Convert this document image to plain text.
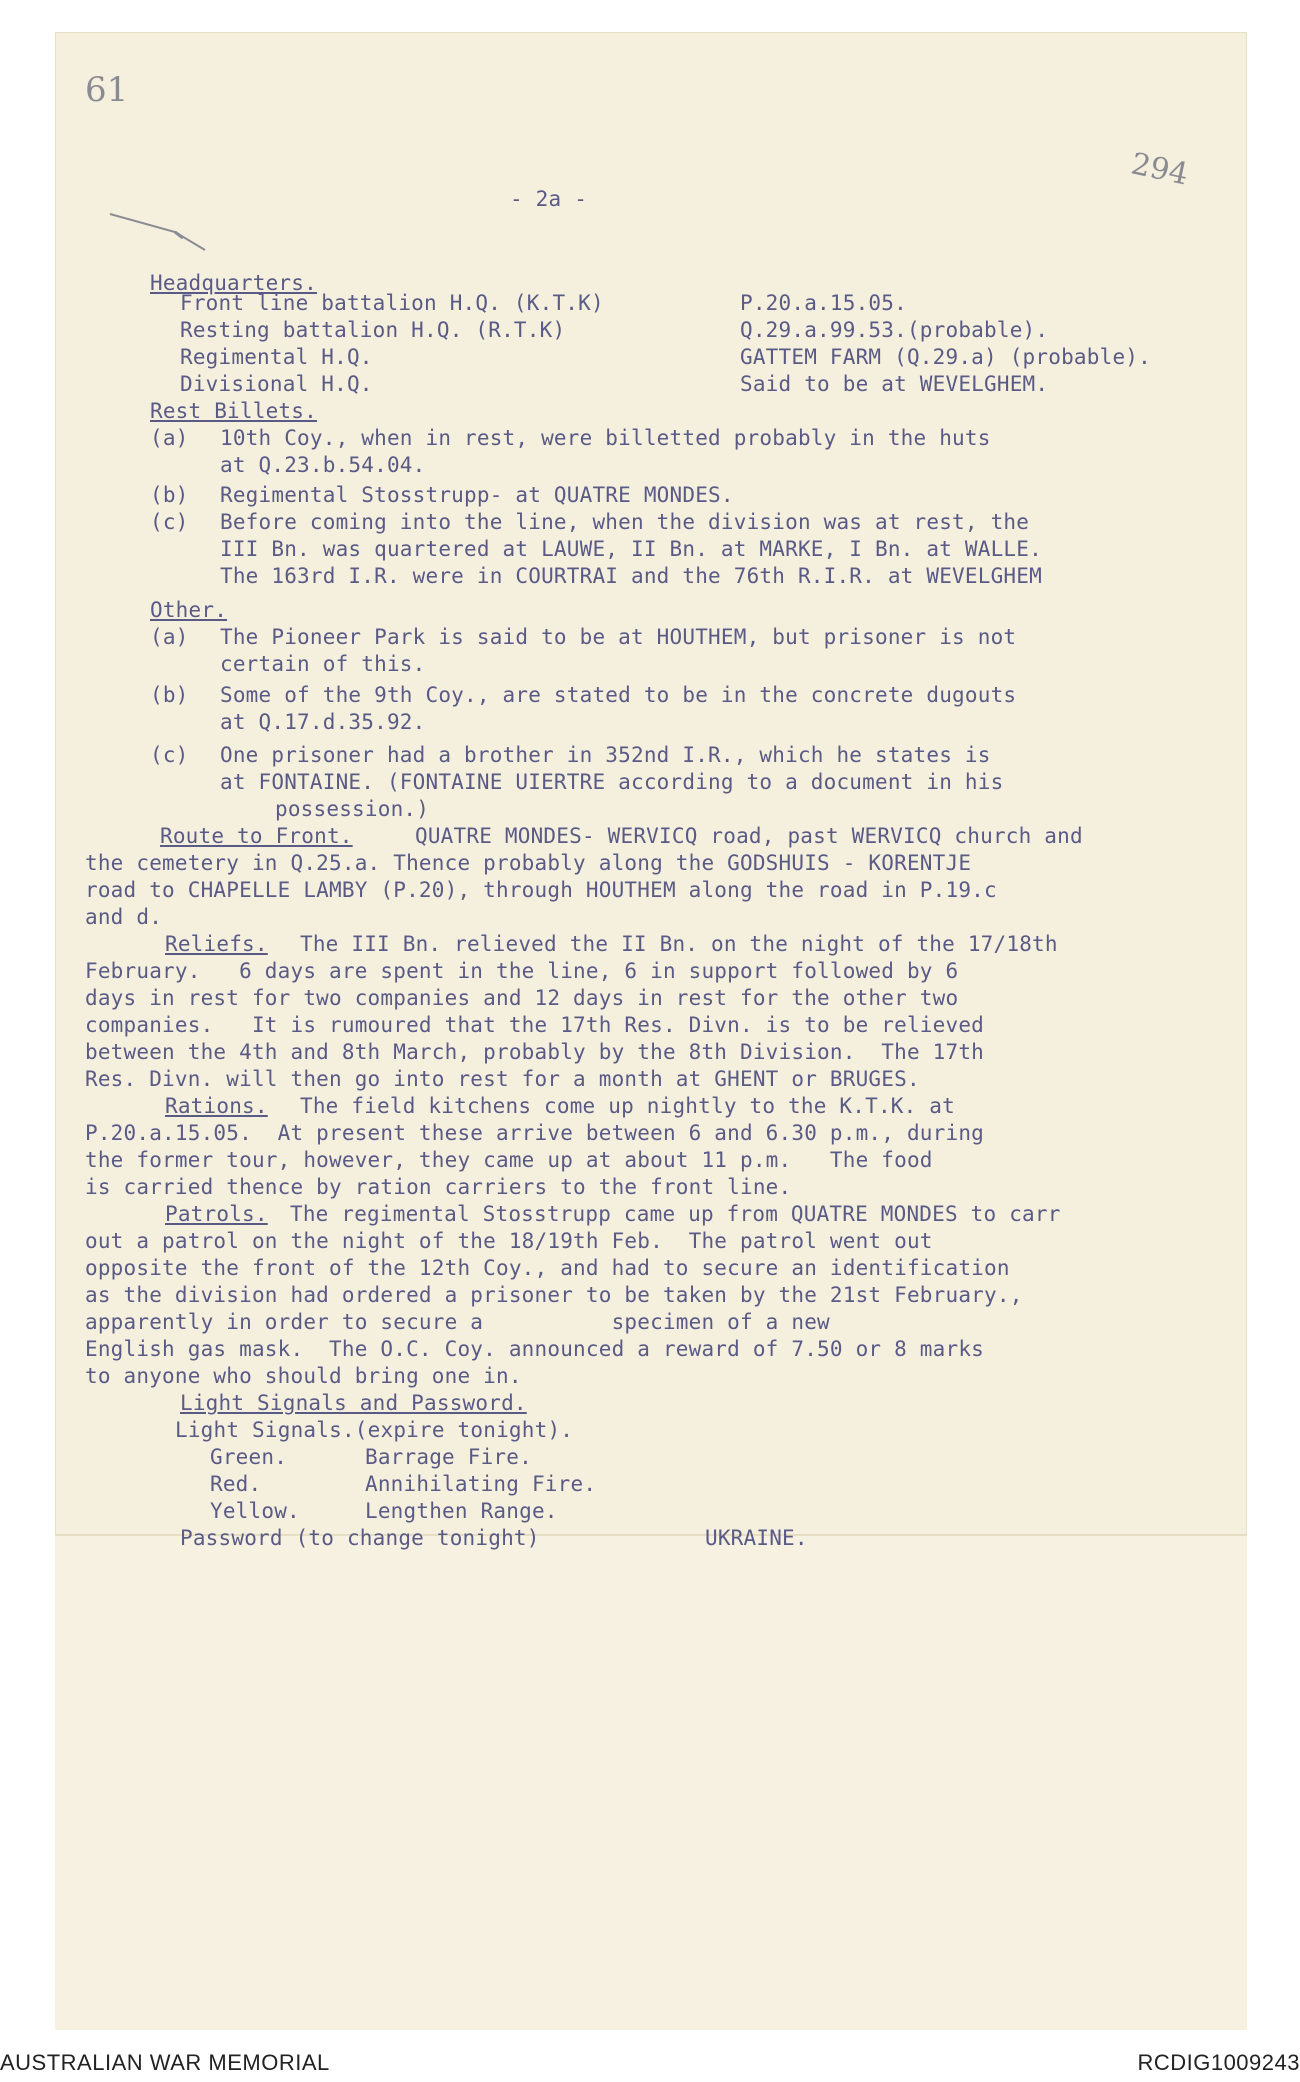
61
294
- 2a -
Headquarters.
Front line battalion H.Q. (K.T.K)	P.20.a.15.05.
Resting battalion H.Q. (R.T.K)	Q.29.a.99.53.(probable).
Regimental H.Q.	GATTEM FARM (Q.29.a) (probable).
Divisional H.Q.	Said to be at WEVELGHEM.
Rest Billets.
(a) 10th Coy., when in rest, were billetted probably in the huts
at Q.23.b.54.04.
(b) Regimental Stosstrupp- at QUATRE MONDES.
(c) Before coming into the line, when the division was at rest, the
III Bn. was quartered at LAUWE, II Bn. at MARKE, I Bn. at WALLE.
The 163rd I.R. were in COURTRAI and the 76th R.I.R. at WEVELGHEM
Other.
(a) The Pioneer Park is said to be at HOUTHEM, but prisoner is not
certain of this.
(b) Some of the 9th Coy., are stated to be in the concrete dugouts
at Q.17.d.35.92.
(c) One prisoner had a brother in 352nd I.R., which he states is
at FONTAINE. (FONTAINE UIERTRE according to a document in his
possession.)
Route to Front.	QUATRE MONDES- WERVICQ road, past WERVICQ church and
the cemetery in Q.25.a. Thence probably along the GODSHUIS - KORENTJE
road to CHAPELLE LAMBY (P.20), through HOUTHEM along the road in P.19.c
and d.
Reliefs. The III Bn. relieved the II Bn. on the night of the 17/18th
February.   6 days are spent in the line, 6 in support followed by 6
days in rest for two companies and 12 days in rest for the other two
companies.   It is rumoured that the 17th Res. Divn. is to be relieved
between the 4th and 8th March, probably by the 8th Division.  The 17th
Res. Divn. will then go into rest for a month at GHENT or BRUGES.
Rations. The field kitchens come up nightly to the K.T.K. at
P.20.a.15.05.  At present these arrive between 6 and 6.30 p.m., during
the former tour, however, they came up at about 11 p.m.   The food
is carried thence by ration carriers to the front line.
Patrols. The regimental Stosstrupp came up from QUATRE MONDES to carr
out a patrol on the night of the 18/19th Feb.  The patrol went out
opposite the front of the 12th Coy., and had to secure an identification
as the division had ordered a prisoner to be taken by the 21st February.,
apparently in order to secure a          specimen of a new
English gas mask.  The O.C. Coy. announced a reward of 7.50 or 8 marks
to anyone who should bring one in.
Light Signals and Password.
Light Signals.(expire tonight).
Green.	Barrage Fire.
Red.	Annihilating Fire.
Yellow.	Lengthen Range.
Password (to change tonight)	UKRAINE.
AUSTRALIAN WAR MEMORIAL	RCDIG1009243
